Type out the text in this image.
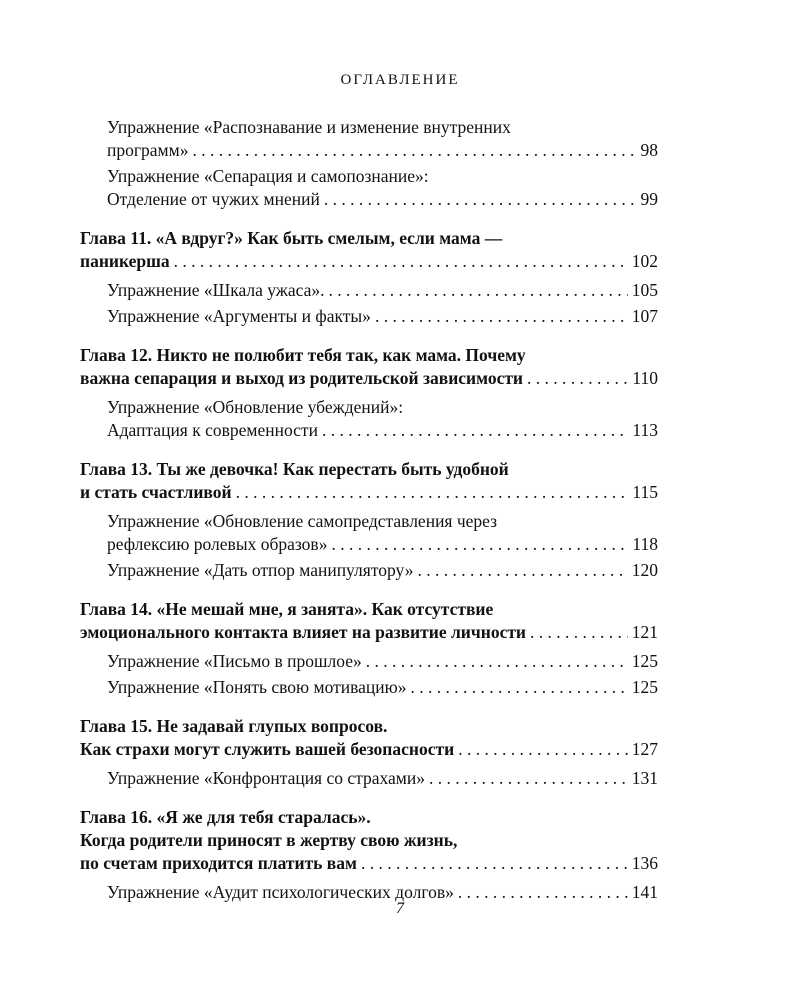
ОГЛАВЛЕНИЕ
Упражнение «Распознавание и изменение внутренних
программ» . . .	98
Упражнение «Сепарация и самопознание»:
Отделение от чужих мнений . . .	99
Глава 11. «А вдруг?» Как быть смелым, если мама —
паникерша . . .	102
Упражнение «Шкала ужаса». . . .	105
Упражнение «Аргументы и факты» . . .	107
Глава 12. Никто не полюбит тебя так, как мама. Почему
важна сепарация и выход из родительской зависимости . . .	110
Упражнение «Обновление убеждений»:
Адаптация к современности . . .	113
Глава 13. Ты же девочка! Как перестать быть удобной
и стать счастливой . . .	115
Упражнение «Обновление самопредставления через
рефлексию ролевых образов» . . .	118
Упражнение «Дать отпор манипулятору» . . .	120
Глава 14. «Не мешай мне, я занята». Как отсутствие
эмоционального контакта влияет на развитие личности . . .	121
Упражнение «Письмо в прошлое» . . .	125
Упражнение «Понять свою мотивацию» . . .	125
Глава 15. Не задавай глупых вопросов.
Как страхи могут служить вашей безопасности . . .	127
Упражнение «Конфронтация со страхами» . . .	131
Глава 16. «Я же для тебя старалась».
Когда родители приносят в жертву свою жизнь,
по счетам приходится платить вам . . .	136
Упражнение «Аудит психологических долгов» . . .	141
7
